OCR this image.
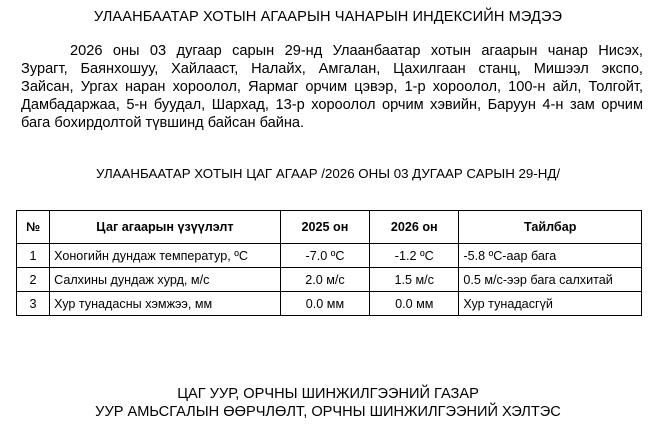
УЛААНБААТАР ХОТЫН АГААРЫН ЧАНАРЫН ИНДЕКСИЙН МЭДЭЭ
2026 оны 03 дугаар сарын 29-нд Улаанбаатар хотын агаарын чанар Нисэх,
Зурагт, Баянхошуу, Хайлааст, Налайх, Амгалан, Цахилгаан станц, Мишээл экспо,
Зайсан, Ургах наран хороолол, Яармаг орчим цэвэр, 1-р хороолол, 100-н айл, Толгойт,
Дамбадаржаа, 5-н буудал, Шархад, 13-р хороолол орчим хэвийн, Баруун 4-н зам орчим
бага бохирдолтой түвшинд байсан байна.
УЛААНБААТАР ХОТЫН ЦАГ АГААР /2026 ОНЫ 03 ДУГААР САРЫН 29-НД/
№	Цаг агаарын үзүүлэлт	2025 он	2026 он	Тайлбар
1	Хоногийн дундаж температур, ºС	-7.0 ºС	-1.2 ºС	-5.8 ºС-аар бага
2	Салхины дундаж хурд, м/с	2.0 м/с	1.5 м/с	0.5 м/с-ээр бага салхитай
3	Хур тунадасны хэмжээ, мм	0.0 мм	0.0 мм	Хур тунадасгүй
ЦАГ УУР, ОРЧНЫ ШИНЖИЛГЭЭНИЙ ГАЗАР
УУР АМЬСГАЛЫН ӨӨРЧЛӨЛТ, ОРЧНЫ ШИНЖИЛГЭЭНИЙ ХЭЛТЭС
